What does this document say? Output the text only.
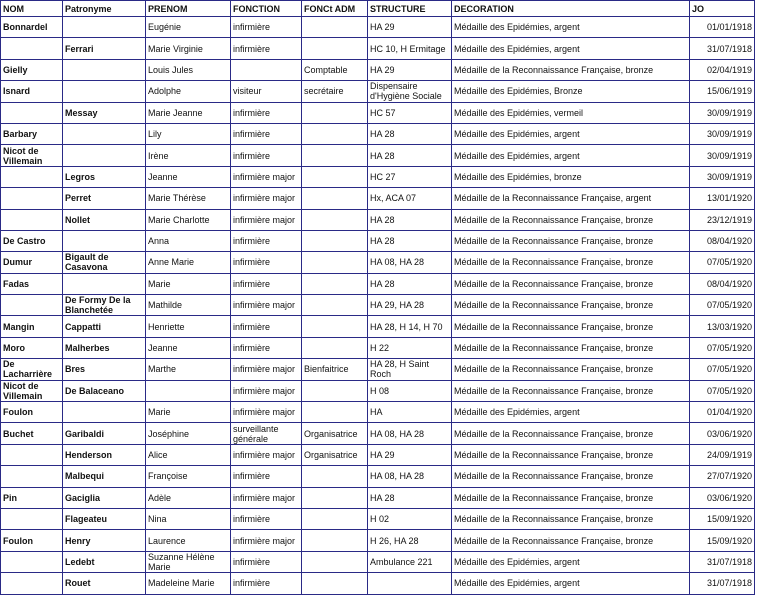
NOM	Patronyme	PRENOM	FONCTION	FONCt ADM	STRUCTURE	DECORATION	JO
Bonnardel		Eugénie	infirmière		HA 29	Médaille des Epidémies, argent	01/01/1918
	Ferrari	Marie Virginie	infirmière		HC 10, H Ermitage	Médaille des Epidémies, argent	31/07/1918
Gielly		Louis Jules		Comptable	HA 29	Médaille de la Reconnaissance Française, bronze	02/04/1919
Isnard		Adolphe	visiteur	secrétaire	Dispensaire d'Hygiène Sociale	Médaille des Epidémies, Bronze	15/06/1919
	Messay	Marie Jeanne	infirmière		HC 57	Médaille des Epidémies, vermeil	30/09/1919
Barbary		Lily	infirmière		HA 28	Médaille des Epidémies, argent	30/09/1919
Nicot de Villemain		Irène	infirmière		HA 28	Médaille des Epidémies, argent	30/09/1919
	Legros	Jeanne	infirmière major		HC 27	Médaille des Epidémies, bronze	30/09/1919
	Perret	Marie Thérèse	infirmière major		Hx, ACA 07	Médaille de la Reconnaissance Française, argent	13/01/1920
	Nollet	Marie Charlotte	infirmière major		HA 28	Médaille de la Reconnaissance Française, bronze	23/12/1919
De Castro		Anna	infirmière		HA 28	Médaille de la Reconnaissance Française, bronze	08/04/1920
Dumur	Bigault de Casavona	Anne Marie	infirmière		HA 08, HA 28	Médaille de la Reconnaissance Française, bronze	07/05/1920
Fadas		Marie	infirmière		HA 28	Médaille de la Reconnaissance Française, bronze	08/04/1920
	De Formy De la Blanchetée	Mathilde	infirmière major		HA 29, HA 28	Médaille de la Reconnaissance Française, bronze	07/05/1920
Mangin	Cappatti	Henriette	infirmière		HA 28, H 14, H 70	Médaille de la Reconnaissance Française, bronze	13/03/1920
Moro	Malherbes	Jeanne	infirmière		H 22	Médaille de la Reconnaissance Française, bronze	07/05/1920
De Lacharrière	Bres	Marthe	infirmière major	Bienfaitrice	HA 28, H Saint Roch	Médaille de la Reconnaissance Française, bronze	07/05/1920
Nicot de Villemain	De Balaceano		infirmière major		H 08	Médaille de la Reconnaissance Française, bronze	07/05/1920
Foulon		Marie	infirmière major		HA	Médaille des Epidémies, argent	01/04/1920
Buchet	Garibaldi	Joséphine	surveillante générale	Organisatrice	HA 08, HA 28	Médaille de la Reconnaissance Française, bronze	03/06/1920
	Henderson	Alice	infirmière major	Organisatrice	HA 29	Médaille de la Reconnaissance Française, bronze	24/09/1919
	Malbequi	Françoise	infirmière		HA 08, HA 28	Médaille de la Reconnaissance Française, bronze	27/07/1920
Pin	Gaciglia	Adèle	infirmière major		HA 28	Médaille de la Reconnaissance Française, bronze	03/06/1920
	Flageateu	Nina	infirmière		H 02	Médaille de la Reconnaissance Française, bronze	15/09/1920
Foulon	Henry	Laurence	infirmière major		H 26, HA 28	Médaille de la Reconnaissance Française, bronze	15/09/1920
	Ledebt	Suzanne Hélène Marie	infirmière		Ambulance 221	Médaille des Epidémies, argent	31/07/1918
	Rouet	Madeleine Marie	infirmière			Médaille des Epidémies, argent	31/07/1918
